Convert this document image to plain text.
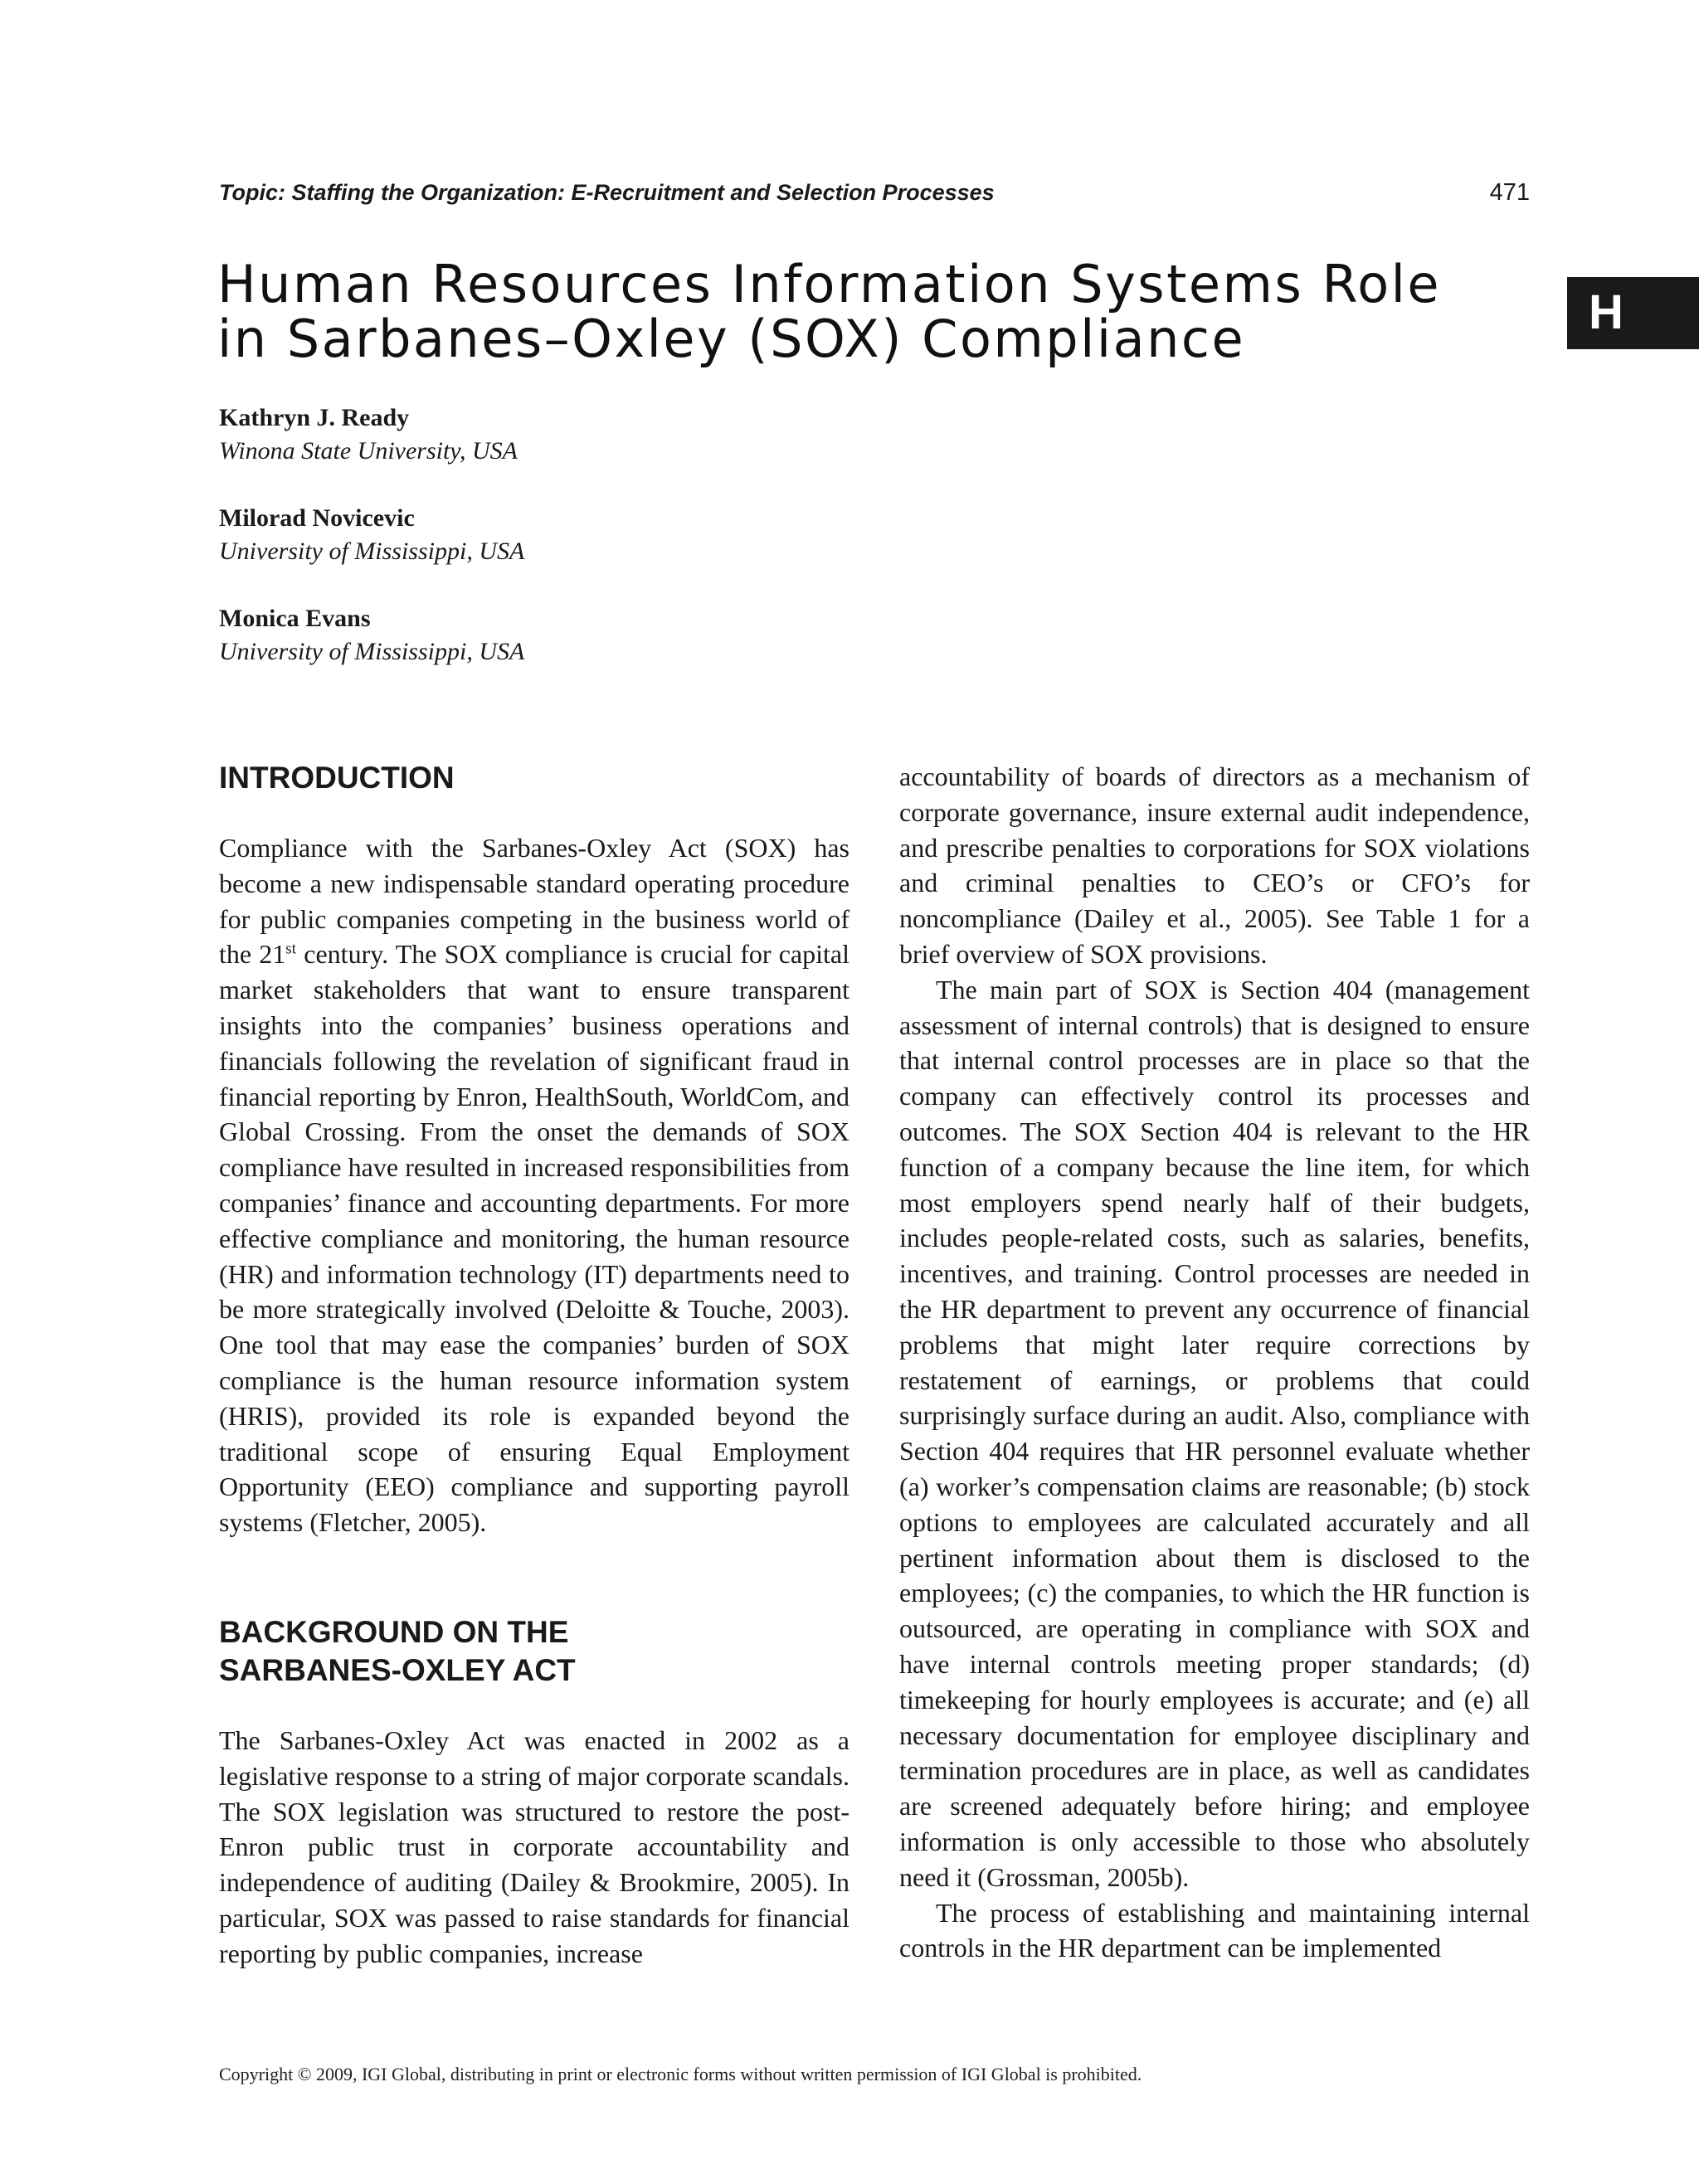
Topic: Staffing the Organization: E-Recruitment and Selection Processes	471

Human Resources Information Systems Role
in Sarbanes–Oxley (SOX) Compliance	H

Kathryn J. Ready

Winona State University, USA

Milorad Novicevic

University of Mississippi, USA

Monica Evans

University of Mississippi, USA

INTRODUCTION

Compliance with the Sarbanes-Oxley Act (SOX) has become a new indispensable standard operating procedure for public companies competing in the business world of the 21st century. The SOX compliance is crucial for capital market stakeholders that want to ensure transparent insights into the companies’ business operations and financials following the revelation of significant fraud in financial reporting by Enron, HealthSouth, WorldCom, and Global Crossing. From the onset the demands of SOX compliance have resulted in increased responsibilities from companies’ finance and accounting departments. For more effective compliance and monitoring, the human resource (HR) and information technology (IT) departments need to be more strategically involved (Deloitte & Touche, 2003). One tool that may ease the companies’ burden of SOX compliance is the human resource information system (HRIS), provided its role is expanded beyond the traditional scope of ensuring Equal Employment Opportunity (EEO) compliance and supporting payroll systems (Fletcher, 2005).

BACKGROUND ON THE
SARBANES-OXLEY ACT

The Sarbanes-Oxley Act was enacted in 2002 as a legislative response to a string of major corporate scandals. The SOX legislation was structured to restore the post-Enron public trust in corporate accountability and independence of auditing (Dailey & Brookmire, 2005). In particular, SOX was passed to raise standards for financial reporting by public companies, increase

accountability of boards of directors as a mechanism of corporate governance, insure external audit independence, and prescribe penalties to corporations for SOX violations and criminal penalties to CEO’s or CFO’s for noncompliance (Dailey et al., 2005). See Table 1 for a brief overview of SOX provisions.

The main part of SOX is Section 404 (management assessment of internal controls) that is designed to ensure that internal control processes are in place so that the company can effectively control its processes and outcomes. The SOX Section 404 is relevant to the HR function of a company because the line item, for which most employers spend nearly half of their budgets, includes people-related costs, such as salaries, benefits, incentives, and training. Control processes are needed in the HR department to prevent any occurrence of financial problems that might later require corrections by restatement of earnings, or problems that could surprisingly surface during an audit. Also, compliance with Section 404 requires that HR personnel evaluate whether (a) worker’s compensation claims are reasonable; (b) stock options to employees are calculated accurately and all pertinent information about them is disclosed to the employees; (c) the companies, to which the HR function is outsourced, are operating in compliance with SOX and have internal controls meeting proper standards; (d) timekeeping for hourly employees is accurate; and (e) all necessary documentation for employee disciplinary and termination procedures are in place, as well as candidates are screened adequately before hiring; and employee information is only accessible to those who absolutely need it (Grossman, 2005b).

The process of establishing and maintaining internal controls in the HR department can be implemented

Copyright © 2009, IGI Global, distributing in print or electronic forms without written permission of IGI Global is prohibited.
